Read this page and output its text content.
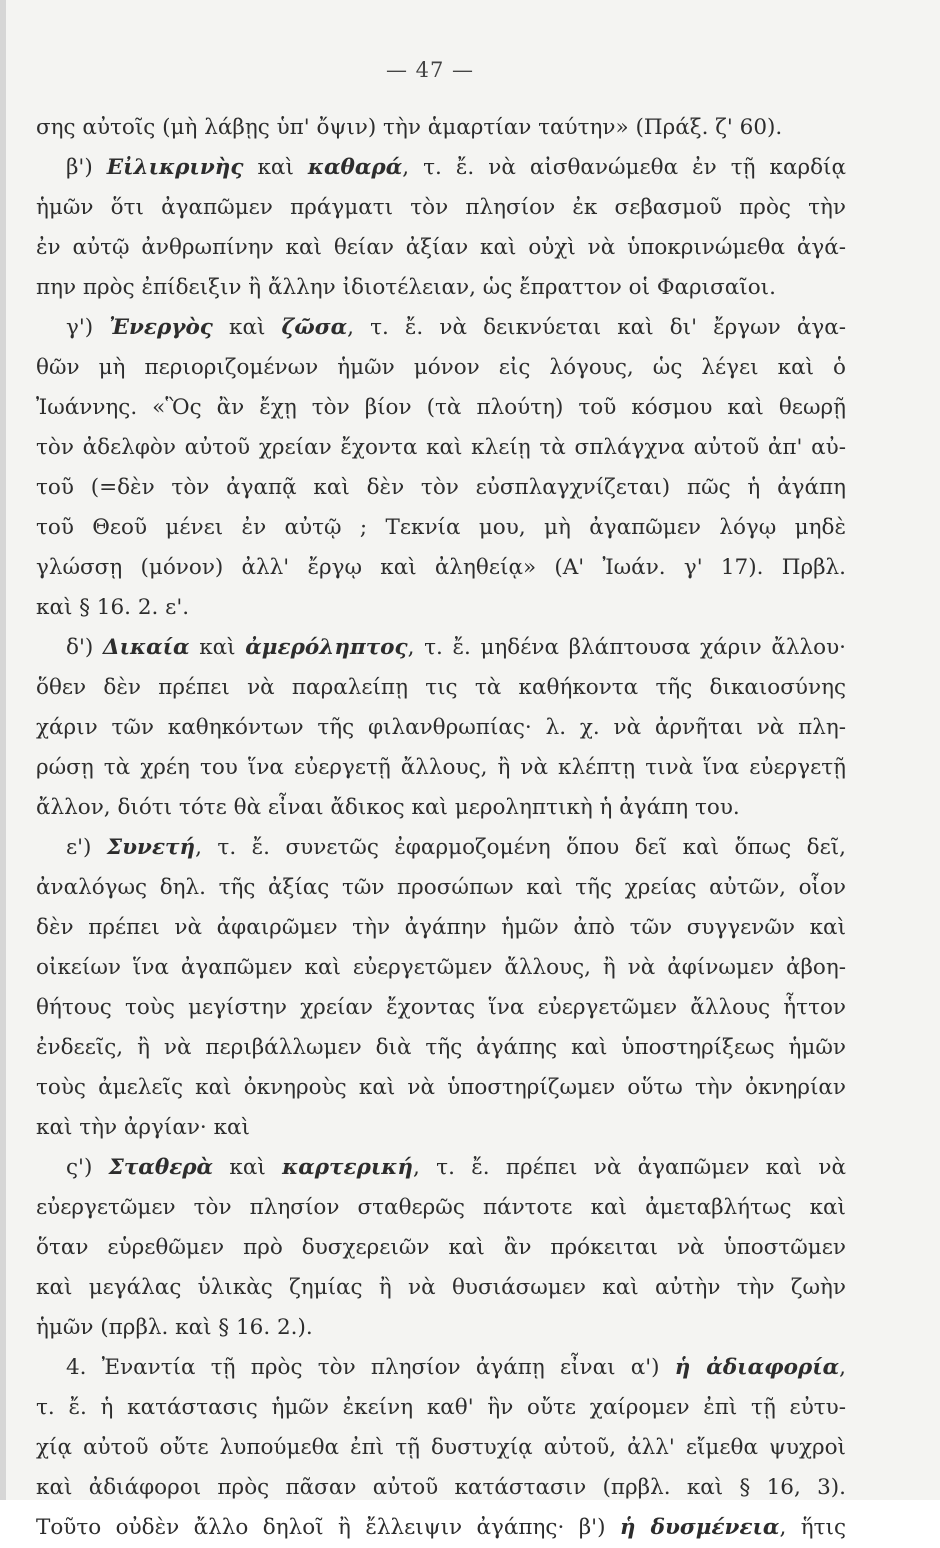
— 47 —
σης αὐτοῖς (μὴ λάβῃς ὑπ' ὄψιν) τὴν ἁμαρτίαν ταύτην» (Πράξ. ζ' 60).
β') Εἰλικρινὴς καὶ καθαρά, τ. ἔ. νὰ αἰσθανώμεθα ἐν τῇ καρδίᾳ
ἡμῶν ὅτι ἀγαπῶμεν πράγματι τὸν πλησίον ἐκ σεβασμοῦ πρὸς τὴν
ἐν αὐτῷ ἀνθρωπίνην καὶ θείαν ἀξίαν καὶ οὐχὶ νὰ ὑποκρινώμεθα ἀγά-
πην πρὸς ἐπίδειξιν ἢ ἄλλην ἰδιοτέλειαν, ὡς ἔπραττον οἱ Φαρισαῖοι.
γ') Ἐνεργὸς καὶ ζῶσα, τ. ἔ. νὰ δεικνύεται καὶ δι' ἔργων ἀγα-
θῶν μὴ περιοριζομένων ἡμῶν μόνον εἰς λόγους, ὡς λέγει καὶ ὁ
Ἰωάννης. «Ὃς ἂν ἔχῃ τὸν βίον (τὰ πλούτη) τοῦ κόσμου καὶ θεωρῇ
τὸν ἀδελφὸν αὐτοῦ χρείαν ἔχοντα καὶ κλείῃ τὰ σπλάγχνα αὐτοῦ ἀπ' αὐ-
τοῦ (=δὲν τὸν ἀγαπᾷ καὶ δὲν τὸν εὐσπλαγχνίζεται) πῶς ἡ ἀγάπη
τοῦ Θεοῦ μένει ἐν αὐτῷ ; Τεκνία μου, μὴ ἀγαπῶμεν λόγῳ μηδὲ
γλώσσῃ (μόνον) ἀλλ' ἔργῳ καὶ ἀληθείᾳ» (Α' Ἰωάν. γ' 17). Πρβλ.
καὶ § 16. 2. ε'.
δ') Δικαία καὶ ἀμερόληπτος, τ. ἔ. μηδένα βλάπτουσα χάριν ἄλλου·
ὅθεν δὲν πρέπει νὰ παραλείπῃ τις τὰ καθήκοντα τῆς δικαιοσύνης
χάριν τῶν καθηκόντων τῆς φιλανθρωπίας· λ. χ. νὰ ἀρνῆται νὰ πλη-
ρώσῃ τὰ χρέη του ἵνα εὐεργετῇ ἄλλους, ἢ νὰ κλέπτῃ τινὰ ἵνα εὐεργετῇ
ἄλλον, διότι τότε θὰ εἶναι ἄδικος καὶ μεροληπτικὴ ἡ ἀγάπη του.
ε') Συνετή, τ. ἔ. συνετῶς ἐφαρμοζομένη ὅπου δεῖ καὶ ὅπως δεῖ,
ἀναλόγως δηλ. τῆς ἀξίας τῶν προσώπων καὶ τῆς χρείας αὐτῶν, οἷον
δὲν πρέπει νὰ ἀφαιρῶμεν τὴν ἀγάπην ἡμῶν ἀπὸ τῶν συγγενῶν καὶ
οἰκείων ἵνα ἀγαπῶμεν καὶ εὐεργετῶμεν ἄλλους, ἢ νὰ ἀφίνωμεν ἀβοη-
θήτους τοὺς μεγίστην χρείαν ἔχοντας ἵνα εὐεργετῶμεν ἄλλους ἧττον
ἐνδεεῖς, ἢ νὰ περιβάλλωμεν διὰ τῆς ἀγάπης καὶ ὑποστηρίξεως ἡμῶν
τοὺς ἀμελεῖς καὶ ὀκνηροὺς καὶ νὰ ὑποστηρίζωμεν οὕτω τὴν ὀκνηρίαν
καὶ τὴν ἀργίαν· καὶ
ς') Σταθερὰ καὶ καρτερική, τ. ἔ. πρέπει νὰ ἀγαπῶμεν καὶ νὰ
εὐεργετῶμεν τὸν πλησίον σταθερῶς πάντοτε καὶ ἀμεταβλήτως καὶ
ὅταν εὑρεθῶμεν πρὸ δυσχερειῶν καὶ ἂν πρόκειται νὰ ὑποστῶμεν
καὶ μεγάλας ὑλικὰς ζημίας ἢ νὰ θυσιάσωμεν καὶ αὐτὴν τὴν ζωὴν
ἡμῶν (πρβλ. καὶ § 16. 2.).
4. Ἐναντία τῇ πρὸς τὸν πλησίον ἀγάπῃ εἶναι α') ἡ ἀδιαφορία,
τ. ἔ. ἡ κατάστασις ἡμῶν ἐκείνη καθ' ἣν οὔτε χαίρομεν ἐπὶ τῇ εὐτυ-
χίᾳ αὐτοῦ οὔτε λυπούμεθα ἐπὶ τῇ δυστυχίᾳ αὐτοῦ, ἀλλ' εἴμεθα ψυχροὶ
καὶ ἀδιάφοροι πρὸς πᾶσαν αὐτοῦ κατάστασιν (πρβλ. καὶ § 16, 3).
Τοῦτο οὐδὲν ἄλλο δηλοῖ ἢ ἔλλειψιν ἀγάπης· β') ἡ δυσμένεια, ἥτις
